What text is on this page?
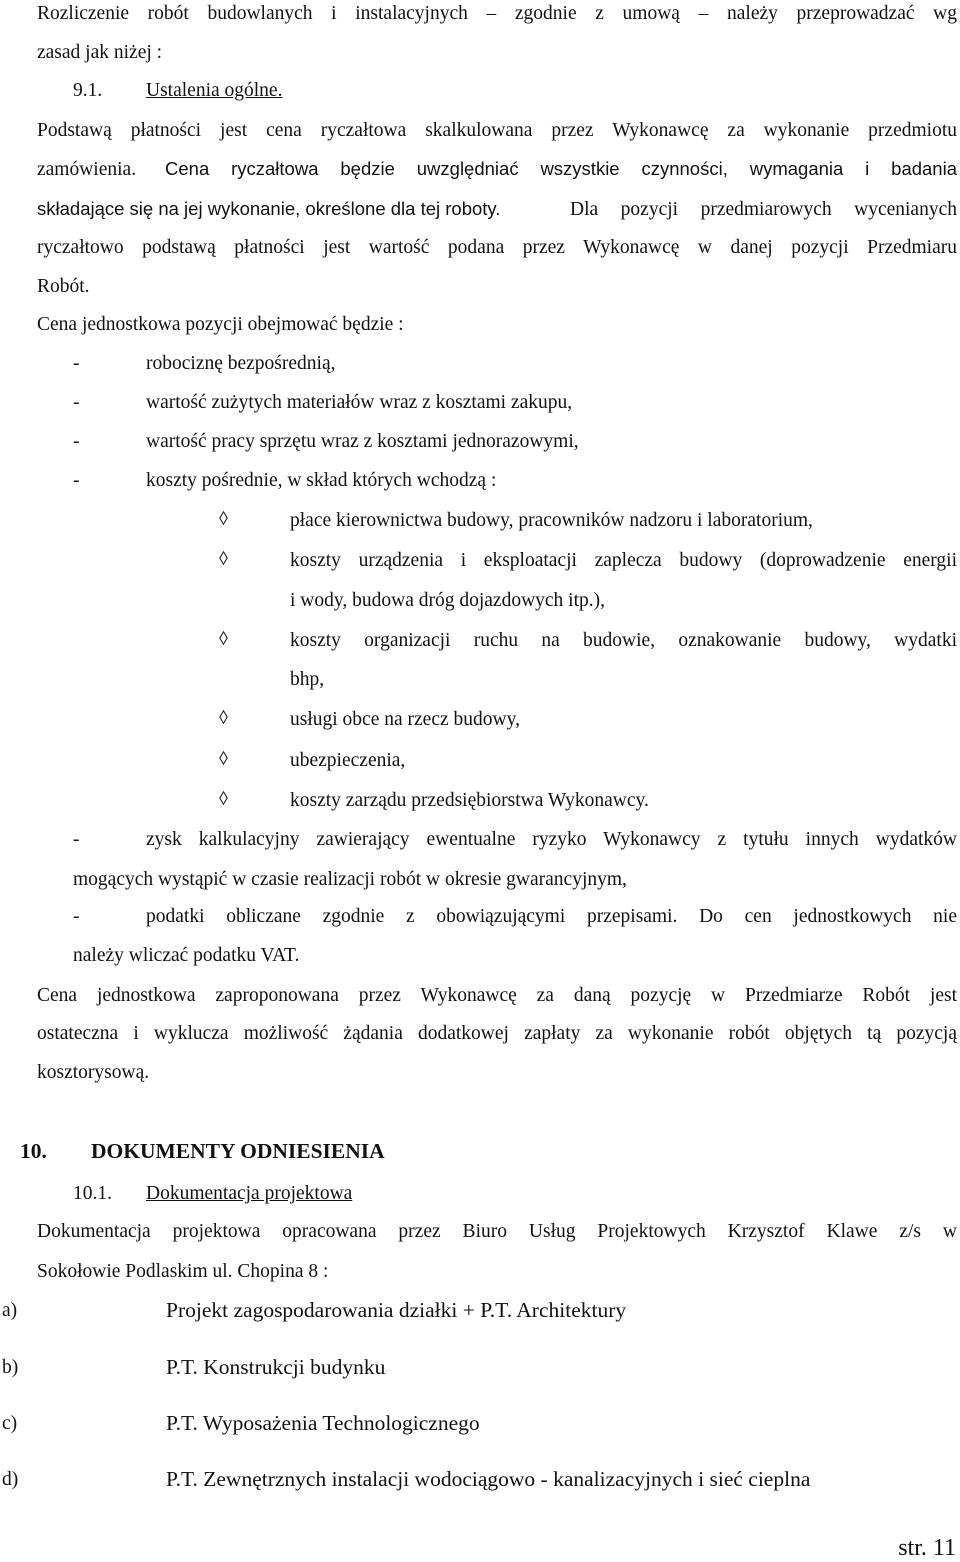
Rozliczenie robót budowlanych i instalacyjnych – zgodnie z umową – należy przeprowadzać wg
zasad jak niżej :
9.1. Ustalenia ogólne.
Podstawą płatności jest cena ryczałtowa skalkulowana przez Wykonawcę za wykonanie przedmiotu
zamówienia. Cena ryczałtowa będzie uwzględniać wszystkie czynności, wymagania i badania
składające się na jej wykonanie, określone dla tej roboty.	Dla pozycji przedmiarowych wycenianych
ryczałtowo podstawą płatności jest wartość podana przez Wykonawcę w danej pozycji Przedmiaru
Robót.
Cena jednostkowa pozycji obejmować będzie :
-	robociznę bezpośrednią,
-	wartość zużytych materiałów wraz z kosztami zakupu,
-	wartość pracy sprzętu wraz z kosztami jednorazowymi,
-	koszty pośrednie, w skład których wchodzą :
płace kierownictwa budowy, pracowników nadzoru i laboratorium,
koszty urządzenia i eksploatacji zaplecza budowy (doprowadzenie energii
i wody, budowa dróg dojazdowych itp.),
koszty organizacji ruchu na budowie, oznakowanie budowy, wydatki
bhp,
usługi obce na rzecz budowy,
ubezpieczenia,
koszty zarządu przedsiębiorstwa Wykonawcy.
-	zysk kalkulacyjny zawierający ewentualne ryzyko Wykonawcy z tytułu innych wydatków
mogących wystąpić w czasie realizacji robót w okresie gwarancyjnym,
-	podatki obliczane zgodnie z obowiązującymi przepisami. Do cen jednostkowych nie
należy wliczać podatku VAT.
Cena jednostkowa zaproponowana przez Wykonawcę za daną pozycję w Przedmiarze Robót jest
ostateczna i wyklucza możliwość żądania dodatkowej zapłaty za wykonanie robót objętych tą pozycją
kosztorysową.
10. DOKUMENTY ODNIESIENIA
10.1. Dokumentacja projektowa
Dokumentacja projektowa opracowana przez Biuro Usług Projektowych Krzysztof Klawe z/s w
Sokołowie Podlaskim ul. Chopina 8 :
a)	Projekt zagospodarowania działki + P.T. Architektury
b)	P.T. Konstrukcji budynku
c)	P.T. Wyposażenia Technologicznego
d)	P.T. Zewnętrznych instalacji wodociągowo - kanalizacyjnych i sieć cieplna
str. 11
